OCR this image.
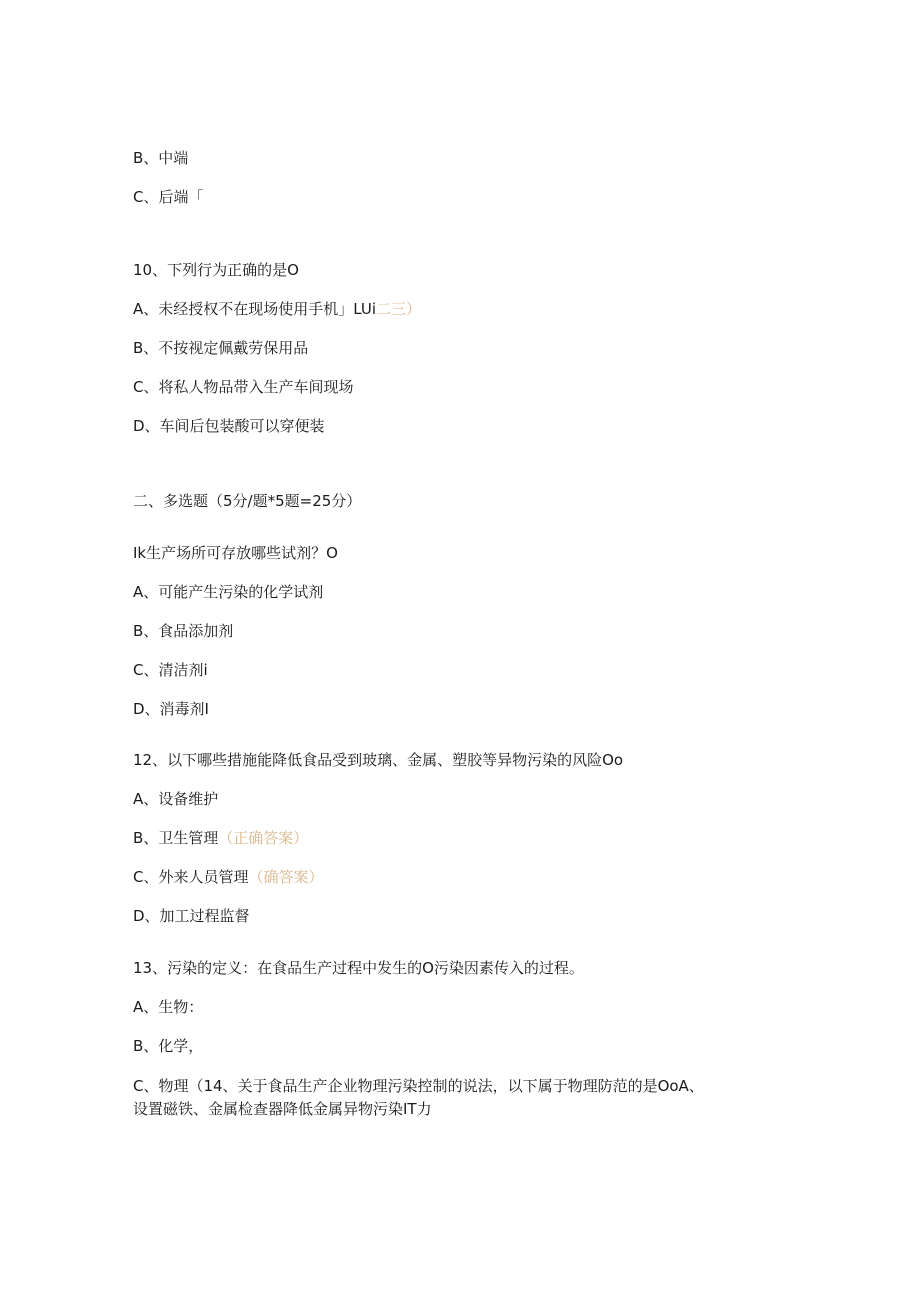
B、中端
C、后端「
10、下列行为正确的是O
A、未经授权不在现场使用手机」LUi二三）
B、不按视定佩戴劳保用品
C、将私人物品带入生产车间现场
D、车间后包装酸可以穿便装
二、多选题（5分/题*5题=25分）
Ik生产场所可存放哪些试剂？O
A、可能产生污染的化学试剂
B、食品添加剂
C、清洁剂i
D、消毒剂I
12、以下哪些措施能降低食品受到玻璃、金属、塑胶等异物污染的风险Oo
A、设备维护
B、卫生管理（正确答案）
C、外来人员管理（确答案）
D、加工过程监督
13、污染的定义：在食品生产过程中发生的O污染因素传入的过程。
A、生物：
B、化学，
C、物理（14、关于食品生产企业物理污染控制的说法，以下属于物理防范的是OoA、
设置磁铁、金属检查器降低金属异物污染IT力
